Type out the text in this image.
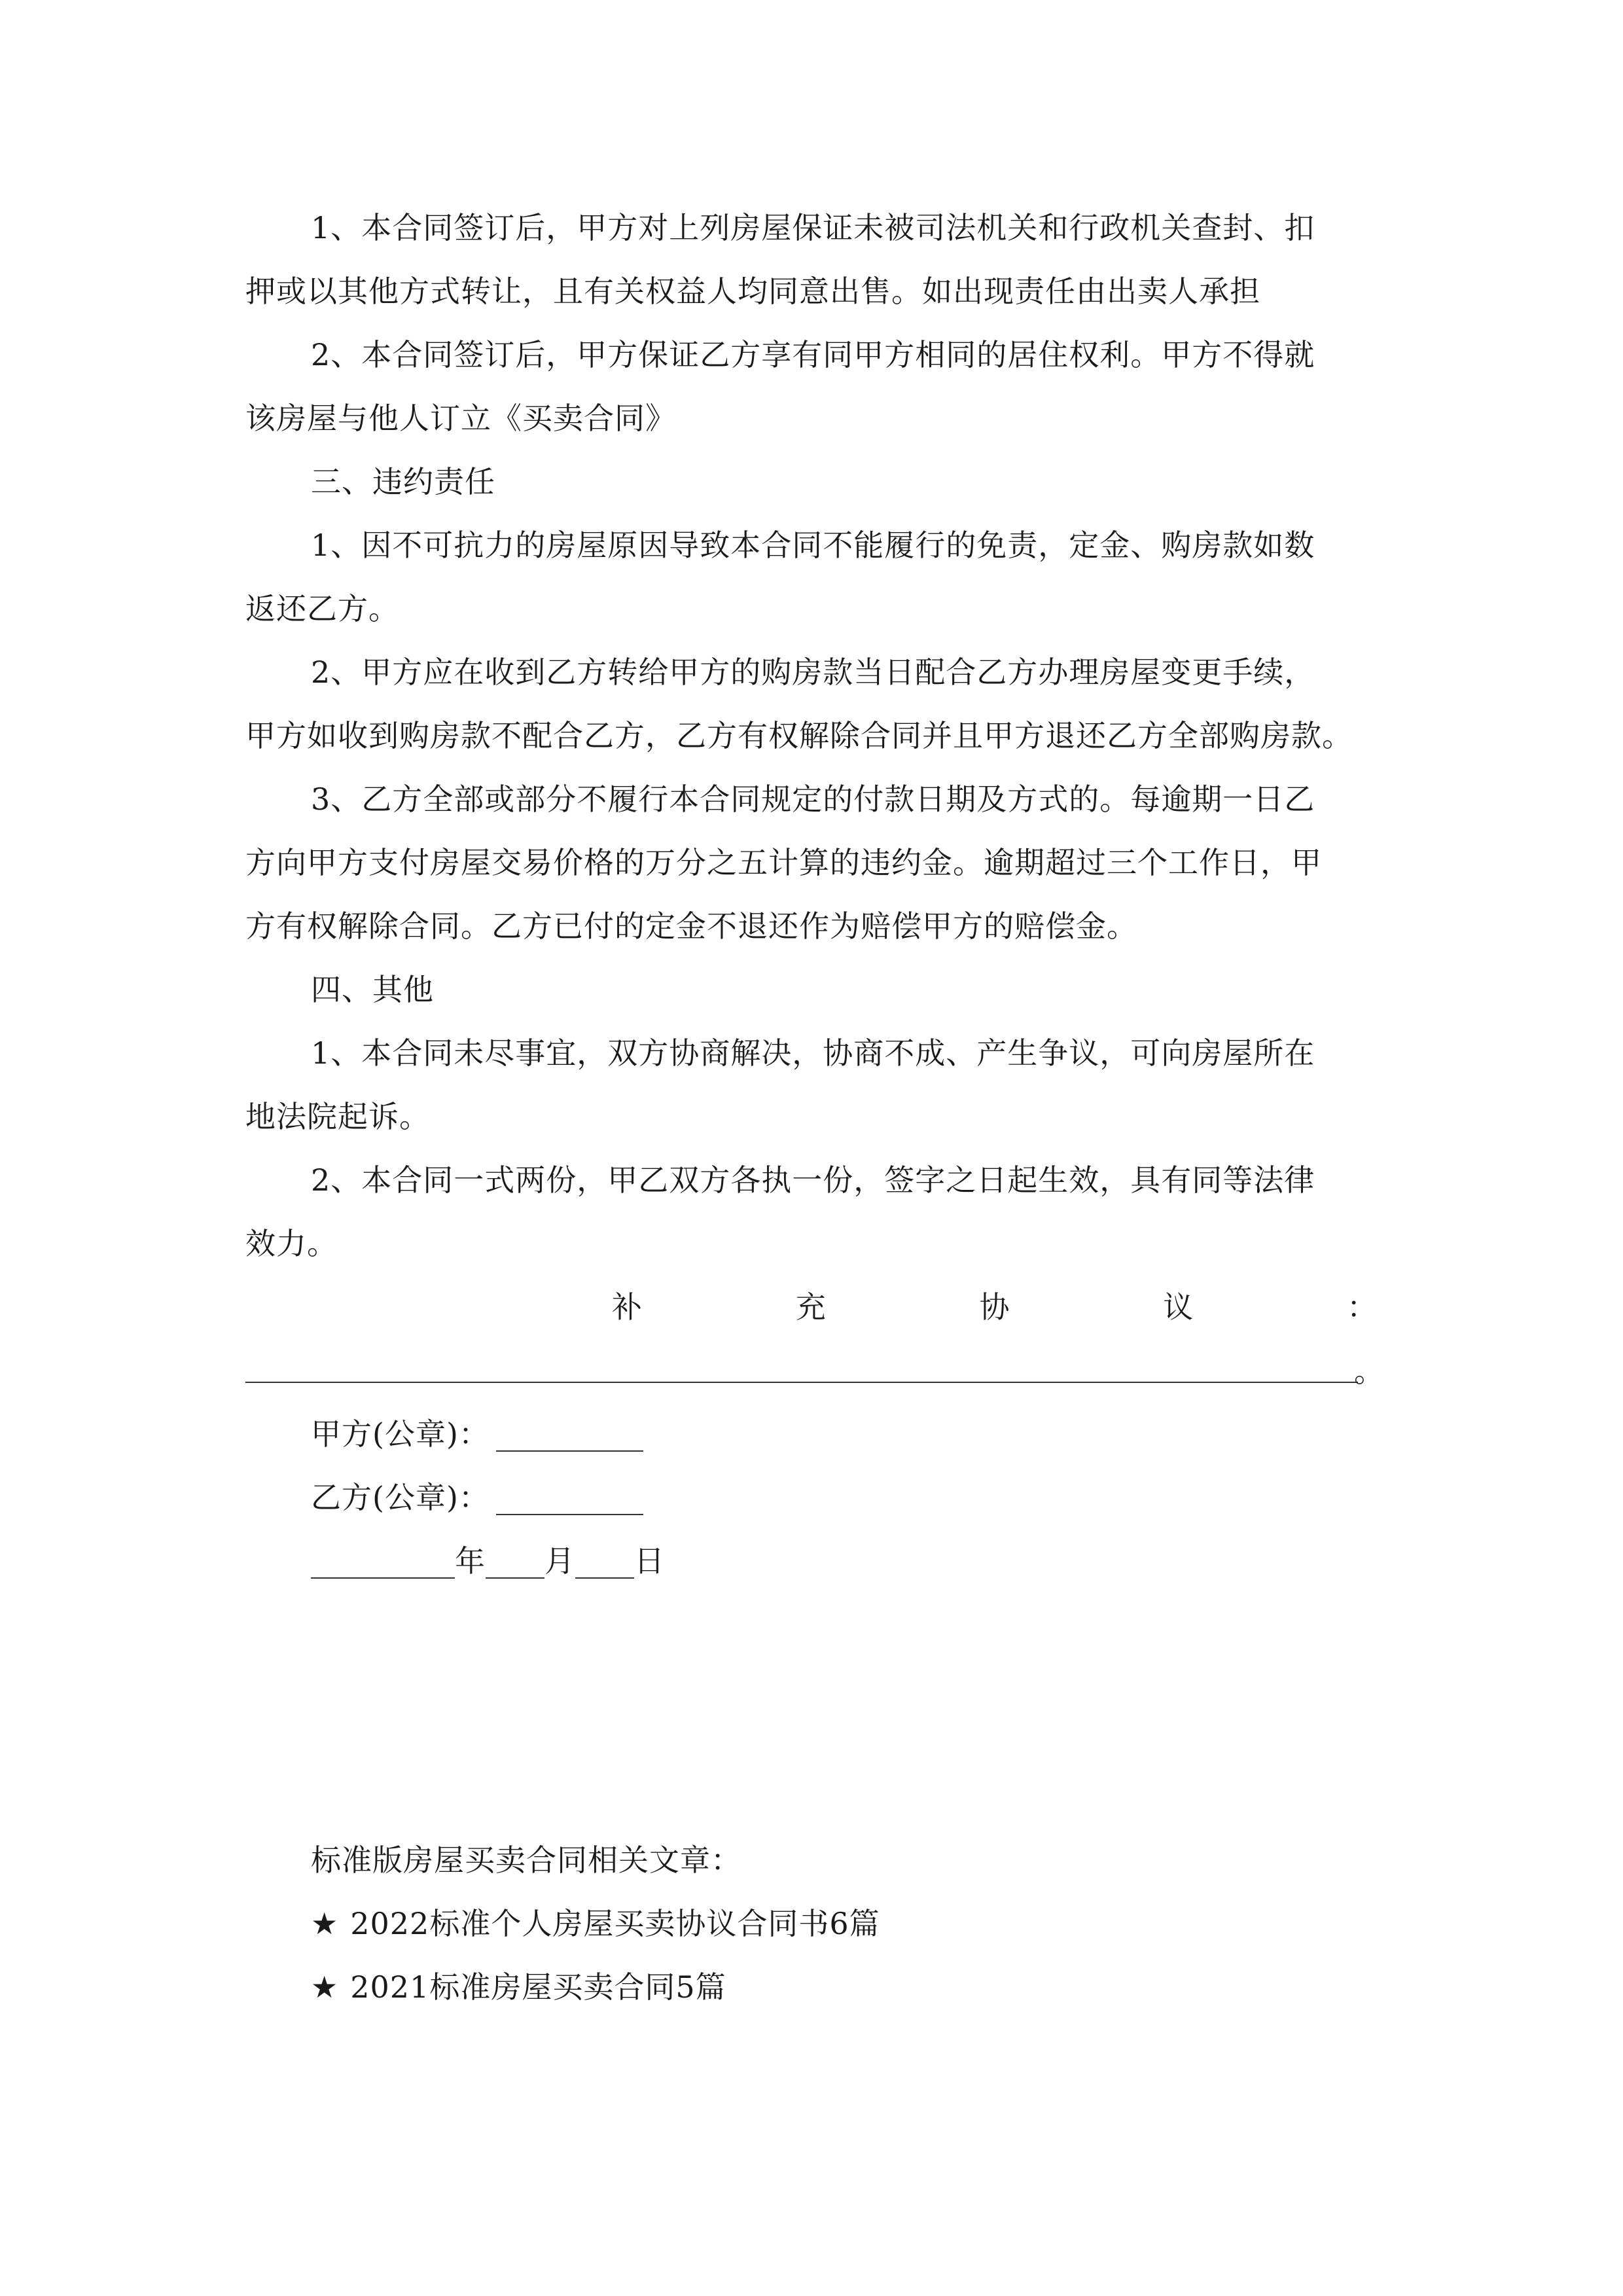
1、本合同签订后，甲方对上列房屋保证未被司法机关和行政机关查封、扣
押或以其他方式转让，且有关权益人均同意出售。如出现责任由出卖人承担
2、本合同签订后，甲方保证乙方享有同甲方相同的居住权利。甲方不得就
该房屋与他人订立《买卖合同》
三、违约责任
1、因不可抗力的房屋原因导致本合同不能履行的免责，定金、购房款如数
返还乙方。
2、甲方应在收到乙方转给甲方的购房款当日配合乙方办理房屋变更手续，
甲方如收到购房款不配合乙方，乙方有权解除合同并且甲方退还乙方全部购房款。
3、乙方全部或部分不履行本合同规定的付款日期及方式的。每逾期一日乙
方向甲方支付房屋交易价格的万分之五计算的违约金。逾期超过三个工作日，甲
方有权解除合同。乙方已付的定金不退还作为赔偿甲方的赔偿金。
四、其他
1、本合同未尽事宜，双方协商解决，协商不成、产生争议，可向房屋所在
地法院起诉。
2、本合同一式两份，甲乙双方各执一份，签字之日起生效，具有同等法律
效力。
补	充	协	议	：
。
甲方(公章)：
乙方(公章)：
年 月 日
标准版房屋买卖合同相关文章：
★ 2022标准个人房屋买卖协议合同书6篇
★ 2021标准房屋买卖合同5篇
